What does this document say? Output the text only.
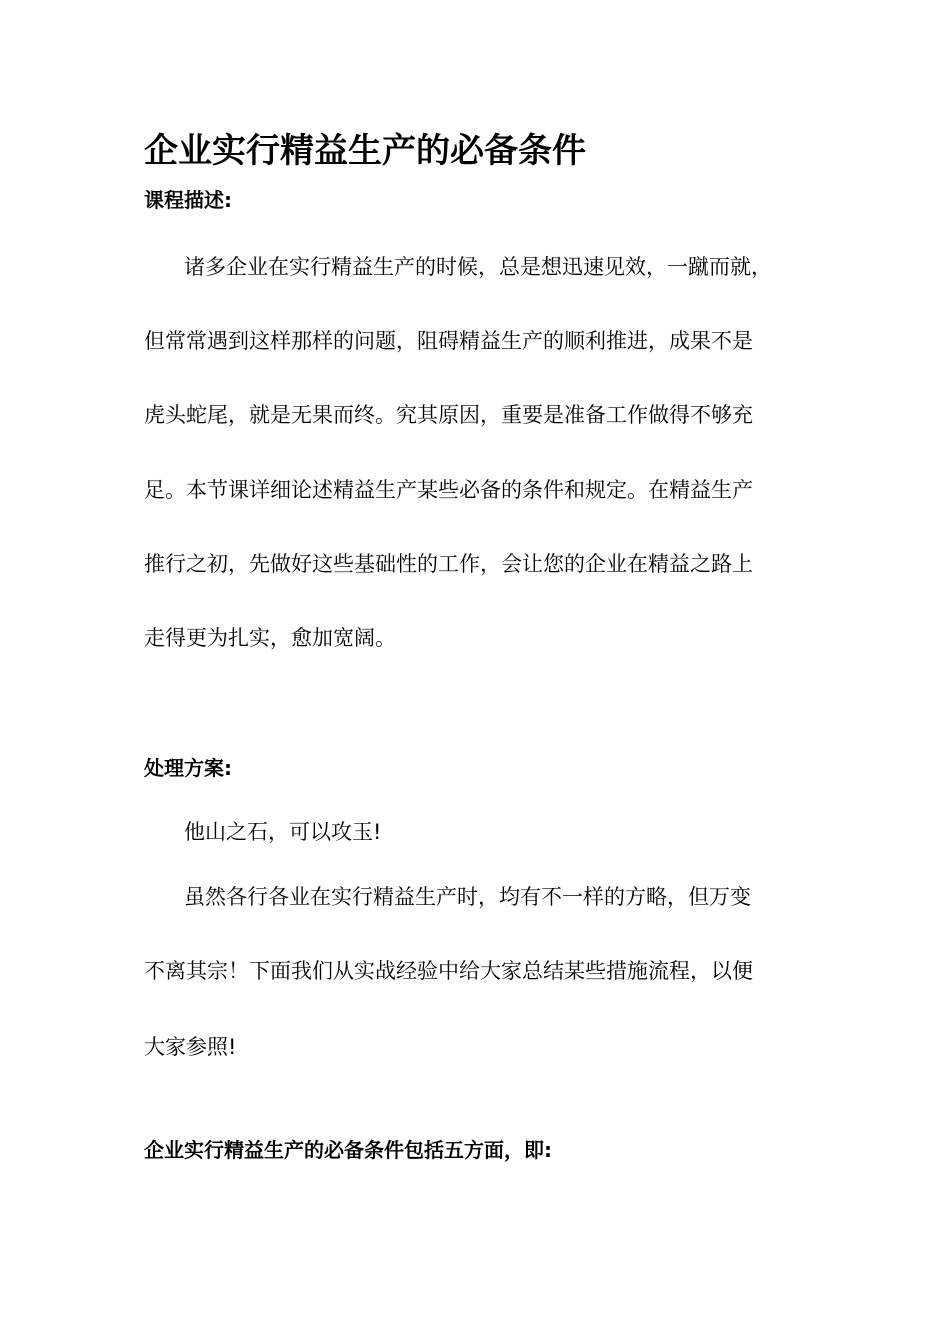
企业实行精益生产的必备条件

课程描述:

诸多企业在实行精益生产的时候，总是想迅速见效，一蹴而就，

但常常遇到这样那样的问题，阻碍精益生产的顺利推进，成果不是

虎头蛇尾，就是无果而终。究其原因，重要是准备工作做得不够充

足。本节课详细论述精益生产某些必备的条件和规定。在精益生产

推行之初，先做好这些基础性的工作，会让您的企业在精益之路上

走得更为扎实，愈加宽阔。

处理方案:

他山之石，可以攻玉!

虽然各行各业在实行精益生产时，均有不一样的方略，但万变

不离其宗！下面我们从实战经验中给大家总结某些措施流程，以便

大家参照!

企业实行精益生产的必备条件包括五方面，即:
